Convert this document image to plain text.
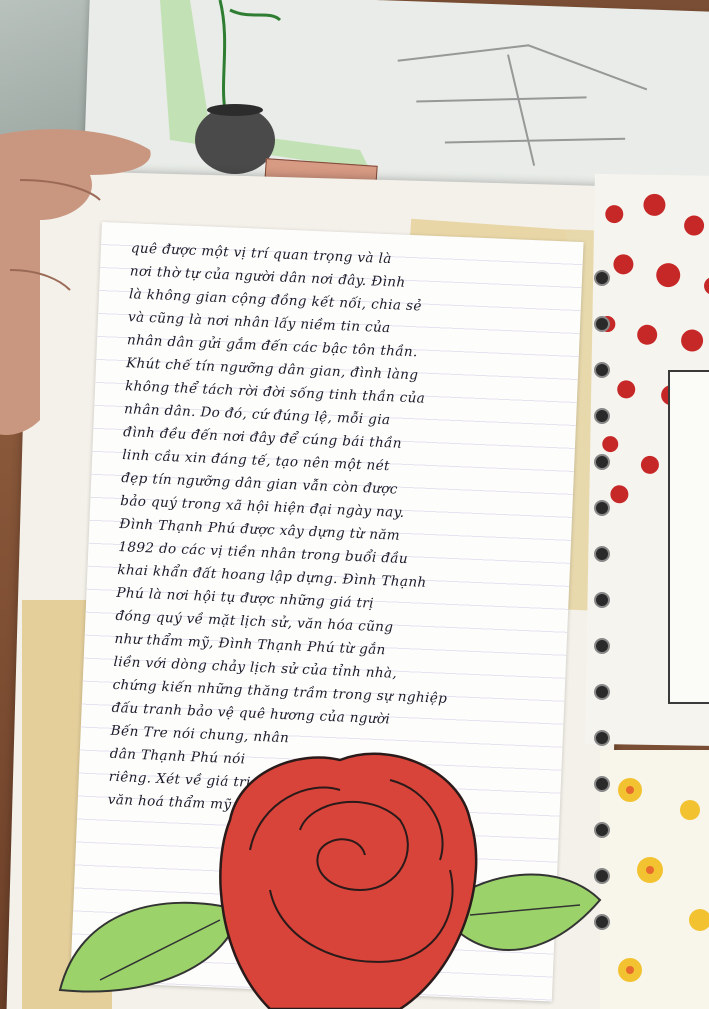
quê được một vị trí quan trọng và là
nơi thờ tự của người dân nơi đây. Đình
là không gian cộng đồng kết nối, chia sẻ
và cũng là nơi nhân lấy niềm tin của
nhân dân gửi gắm đến các bậc tôn thần.
Khút chế tín ngưỡng dân gian, đình làng
không thể tách rời đời sống tinh thần của
nhân dân. Do đó, cứ đúng lệ, mỗi gia
đình đều đến nơi đây để cúng bái thần
linh cầu xin đáng tế, tạo nên một nét
đẹp tín ngưỡng dân gian vẫn còn được
bảo quý trong xã hội hiện đại ngày nay.
Đình Thạnh Phú được xây dựng từ năm
1892 do các vị tiền nhân trong buổi đầu
khai khẩn đất hoang lập dựng. Đình Thạnh
Phú là nơi hội tụ được những giá trị
đóng quý về mặt lịch sử, văn hóa cũng
như thẩm mỹ, Đình Thạnh Phú từ gắn
liền với dòng chảy lịch sử của tỉnh nhà,
chứng kiến những thăng trầm trong sự nghiệp
đấu tranh bảo vệ quê hương của người
Bến Tre nói chung, nhân
dân Thạnh Phú nói
riêng. Xét về giá trị
văn hoá thẩm mỹ
